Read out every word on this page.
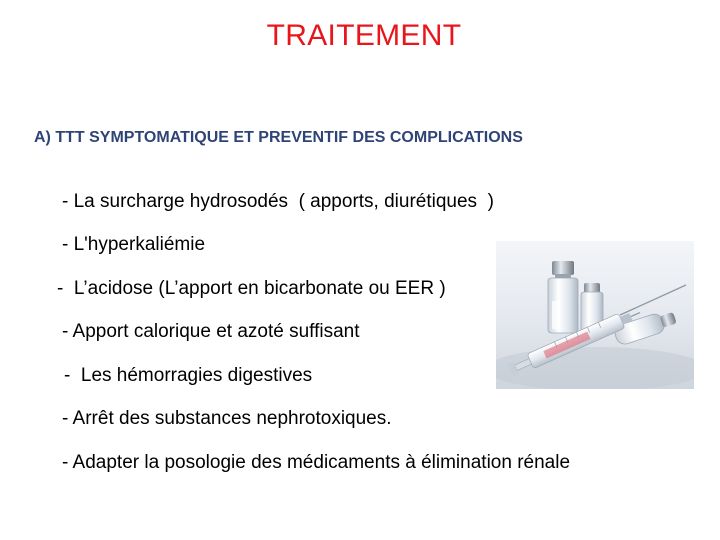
TRAITEMENT
A) TTT SYMPTOMATIQUE ET PREVENTIF DES COMPLICATIONS
- La surcharge hydrosodés  ( apports, diurétiques  )
- L'hyperkaliémie
-  L’acidose (L’apport en bicarbonate ou EER )
- Apport calorique et azoté suffisant
-  Les hémorragies digestives
- Arrêt des substances nephrotoxiques.
- Adapter la posologie des médicaments à élimination rénale
